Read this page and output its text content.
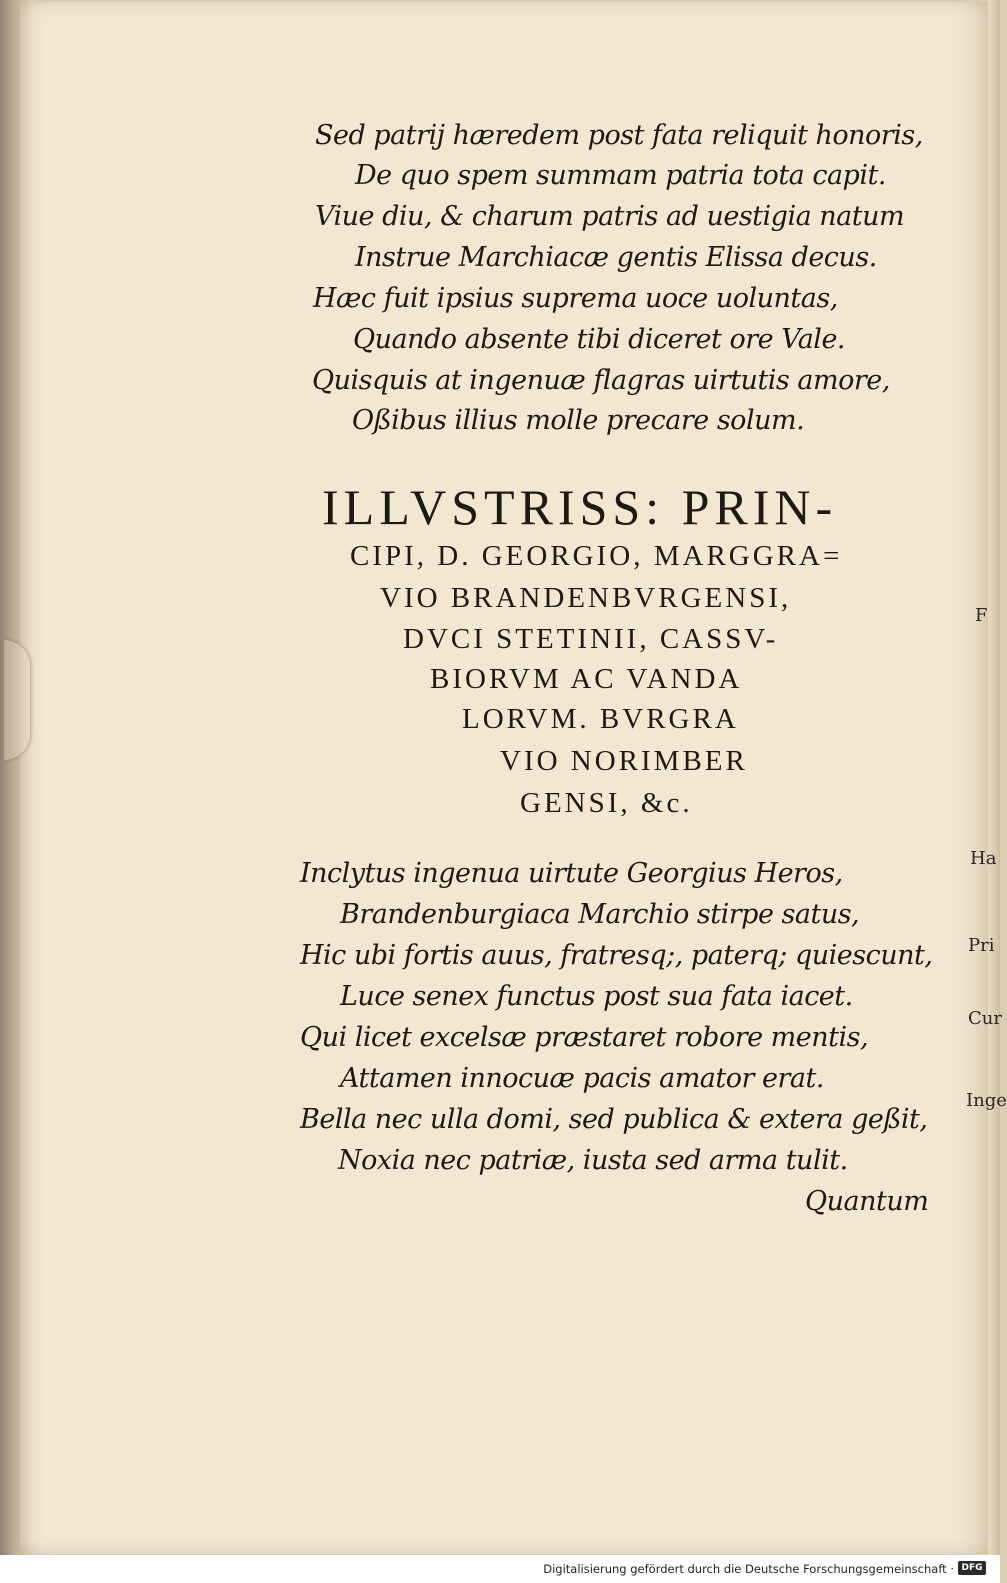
Sed patrij hæredem post fata reliquit honoris,
De quo spem summam patria tota capit.
Viue diu, & charum patris ad uestigia natum
Instrue Marchiacæ gentis Elissa decus.
Hæc fuit ipsius suprema uoce uoluntas,
Quando absente tibi diceret ore Vale.
Quisquis at ingenuæ flagras uirtutis amore,
Oßibus illius molle precare solum.
ILLVSTRISS: PRIN-
CIPI, D. GEORGIO, MARGGRA=
VIO BRANDENBVRGENSI,
DVCI STETINII, CASSV-
BIORVM AC VANDA
LORVM. BVRGRA
VIO NORIMBER
GENSI, &c.
Inclytus ingenua uirtute Georgius Heros,
Brandenburgiaca Marchio stirpe satus,
Hic ubi fortis auus, fratresq;, paterq; quiescunt,
Luce senex functus post sua fata iacet.
Qui licet excelsæ præstaret robore mentis,
Attamen innocuæ pacis amator erat.
Bella nec ulla domi, sed publica & extera geßit,
Noxia nec patriæ, iusta sed arma tulit.
Quantum
F
Ha
Pri
Cur
Inge
Digitalisierung gefördert durch die Deutsche Forschungsgemeinschaft · DFG
